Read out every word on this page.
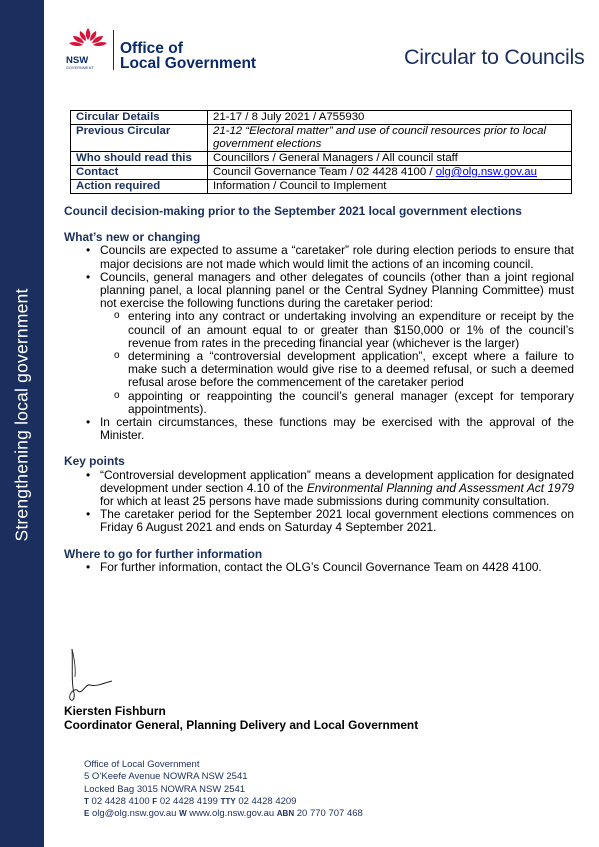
Strengthening local government
NSW
GOVERNMENT
Office of
Local Government	Circular to Councils
Circular Details	21-17 / 8 July 2021 / A755930
Previous Circular	21-12 “Electoral matter” and use of council resources prior to local government elections
Who should read this	Councillors / General Managers / All council staff
Contact	Council Governance Team / 02 4428 4100 / olg@olg.nsw.gov.au
Action required	Information / Council to Implement

Council decision-making prior to the September 2021 local government elections

What’s new or changing

• Councils are expected to assume a “caretaker” role during election periods to ensure that major decisions are not made which would limit the actions of an incoming council.
• Councils, general managers and other delegates of councils (other than a joint regional planning panel, a local planning panel or the Central Sydney Planning Committee) must not exercise the following functions during the caretaker period:
o entering into any contract or undertaking involving an expenditure or receipt by the council of an amount equal to or greater than $150,000 or 1% of the council’s revenue from rates in the preceding financial year (whichever is the larger)
o determining a “controversial development application”, except where a failure to make such a determination would give rise to a deemed refusal, or such a deemed refusal arose before the commencement of the caretaker period
o appointing or reappointing the council’s general manager (except for temporary appointments).
• In certain circumstances, these functions may be exercised with the approval of the Minister.

Key points

• “Controversial development application” means a development application for designated development under section 4.10 of the Environmental Planning and Assessment Act 1979 for which at least 25 persons have made submissions during community consultation.
• The caretaker period for the September 2021 local government elections commences on Friday 6 August 2021 and ends on Saturday 4 September 2021.

Where to go for further information

• For further information, contact the OLG’s Council Governance Team on 4428 4100.
Kiersten Fishburn
Coordinator General, Planning Delivery and Local Government
Office of Local Government
5 O’Keefe Avenue NOWRA NSW 2541
Locked Bag 3015 NOWRA NSW 2541
T 02 4428 4100 F 02 4428 4199 TTY 02 4428 4209
E olg@olg.nsw.gov.au W www.olg.nsw.gov.au ABN 20 770 707 468
